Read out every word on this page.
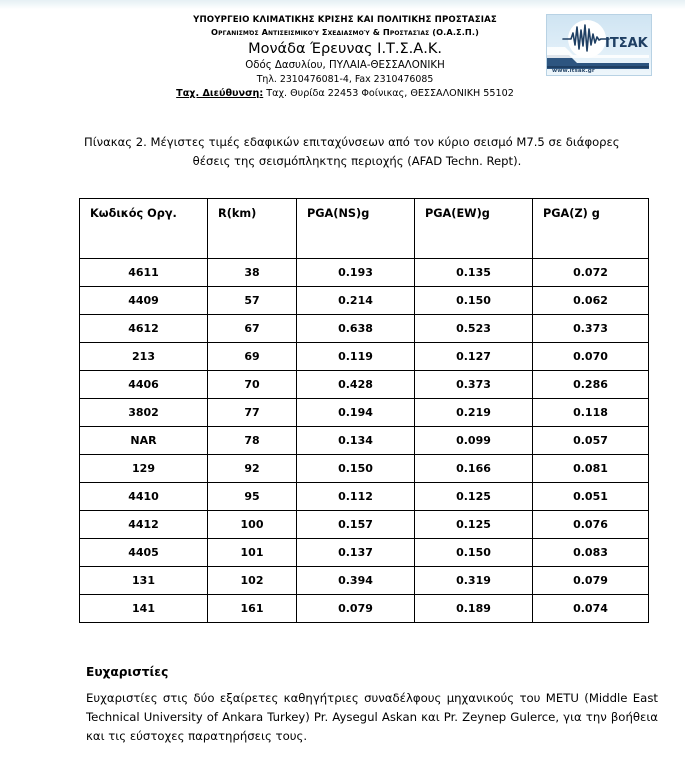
ΥΠΟΥΡΓΕΙΟ ΚΛΙΜΑΤΙΚΗΣ ΚΡΙΣΗΣ ΚΑΙ ΠΟΛΙΤΙΚΗΣ ΠΡΟΣΤΑΣΙΑΣ
Οργανισμός Αντισεισμικού Σχεδιασμού & Προστασίας (Ο.Α.Σ.Π.)
Μονάδα Έρευνας Ι.Τ.Σ.Α.Κ.
Οδός Δασυλίου, ΠΥΛΑΙΑ-ΘΕΣΣΑΛΟΝΙΚΗ
Τηλ. 2310476081-4, Fax 2310476085
Ταχ. Διεύθυνση: Ταχ. Θυρίδα 22453 Φοίνικας, ΘΕΣΣΑΛΟΝΙΚΗ 55102
ΙΤΣΑΚ
www.itsak.gr
Πίνακας 2. Μέγιστες τιμές εδαφικών επιταχύνσεων από τον κύριο σεισμό Μ7.5 σε διάφορες
θέσεις της σεισμόπληκτης περιοχής (AFAD Techn. Rept).
Κωδικός Οργ.	R(km)	PGA(NS)g	PGA(EW)g	PGA(Z) g
4611	38	0.193	0.135	0.072
4409	57	0.214	0.150	0.062
4612	67	0.638	0.523	0.373
213	69	0.119	0.127	0.070
4406	70	0.428	0.373	0.286
3802	77	0.194	0.219	0.118
NAR	78	0.134	0.099	0.057
129	92	0.150	0.166	0.081
4410	95	0.112	0.125	0.051
4412	100	0.157	0.125	0.076
4405	101	0.137	0.150	0.083
131	102	0.394	0.319	0.079
141	161	0.079	0.189	0.074
Ευχαριστίες
Ευχαριστίες στις δύο εξαίρετες καθηγήτριες συναδέλφους μηχανικούς του METU (Middle East Technical University of Ankara Turkey) Pr. Aysegul Askan και Pr. Zeynep Gulerce, για την βοήθεια και τις εύστοχες παρατηρήσεις τους.
